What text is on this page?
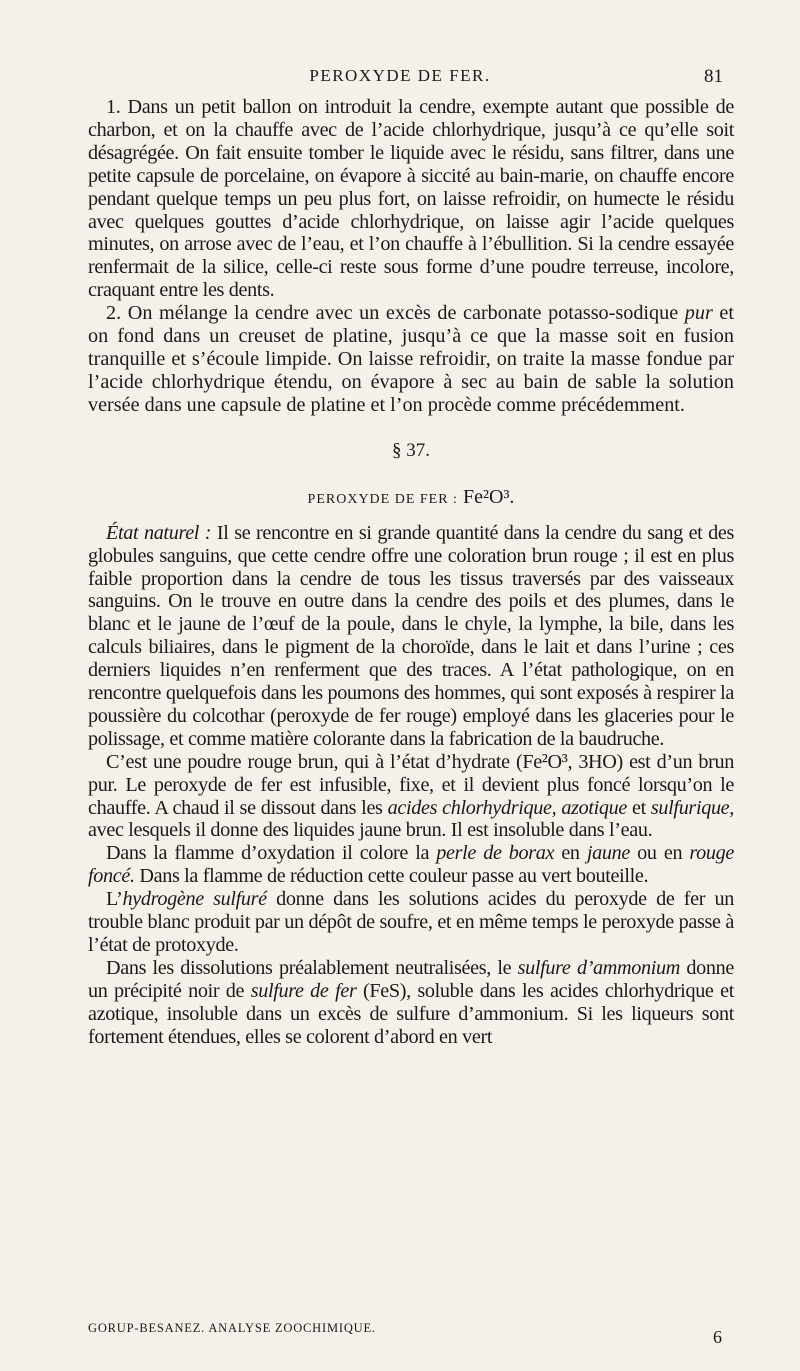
PEROXYDE DE FER.	81

1. Dans un petit ballon on introduit la cendre, exempte autant que possible de charbon, et on la chauffe avec de l’acide chlorhydrique, jusqu’à ce qu’elle soit désagrégée. On fait ensuite tomber le liquide avec le résidu, sans filtrer, dans une petite capsule de porcelaine, on évapore à siccité au bain-marie, on chauffe encore pendant quelque temps un peu plus fort, on laisse refroidir, on humecte le résidu avec quelques gouttes d’acide chlorhydrique, on laisse agir l’acide quelques minutes, on arrose avec de l’eau, et l’on chauffe à l’ébullition. Si la cendre essayée renfermait de la silice, celle-ci reste sous forme d’une poudre terreuse, incolore, craquant entre les dents.

2. On mélange la cendre avec un excès de carbonate potasso-sodique pur et on fond dans un creuset de platine, jusqu’à ce que la masse soit en fusion tranquille et s’écoule limpide. On laisse refroidir, on traite la masse fondue par l’acide chlorhydrique étendu, on évapore à sec au bain de sable la solution versée dans une capsule de platine et l’on procède comme précédemment.

§ 37.
PEROXYDE DE FER : Fe²O³.

État naturel : Il se rencontre en si grande quantité dans la cendre du sang et des globules sanguins, que cette cendre offre une coloration brun rouge ; il est en plus faible proportion dans la cendre de tous les tissus traversés par des vaisseaux sanguins. On le trouve en outre dans la cendre des poils et des plumes, dans le blanc et le jaune de l’œuf de la poule, dans le chyle, la lymphe, la bile, dans les calculs biliaires, dans le pigment de la choroïde, dans le lait et dans l’urine ; ces derniers liquides n’en renferment que des traces. A l’état pathologique, on en rencontre quelquefois dans les poumons des hommes, qui sont exposés à respirer la poussière du colcothar (peroxyde de fer rouge) employé dans les glaceries pour le polissage, et comme matière colorante dans la fabrication de la baudruche.

C’est une poudre rouge brun, qui à l’état d’hydrate (Fe²O³, 3HO) est d’un brun pur. Le peroxyde de fer est infusible, fixe, et il devient plus foncé lorsqu’on le chauffe. A chaud il se dissout dans les acides chlorhydrique, azotique et sulfurique, avec lesquels il donne des liquides jaune brun. Il est insoluble dans l’eau.

Dans la flamme d’oxydation il colore la perle de borax en jaune ou en rouge foncé. Dans la flamme de réduction cette couleur passe au vert bouteille.

L’hydrogène sulfuré donne dans les solutions acides du peroxyde de fer un trouble blanc produit par un dépôt de soufre, et en même temps le peroxyde passe à l’état de protoxyde.

Dans les dissolutions préalablement neutralisées, le sulfure d’ammonium donne un précipité noir de sulfure de fer (FeS), soluble dans les acides chlorhydrique et azotique, insoluble dans un excès de sulfure d’ammonium. Si les liqueurs sont fortement étendues, elles se colorent d’abord en vert

GORUP-BESANEZ. ANALYSE ZOOCHIMIQUE.	6
